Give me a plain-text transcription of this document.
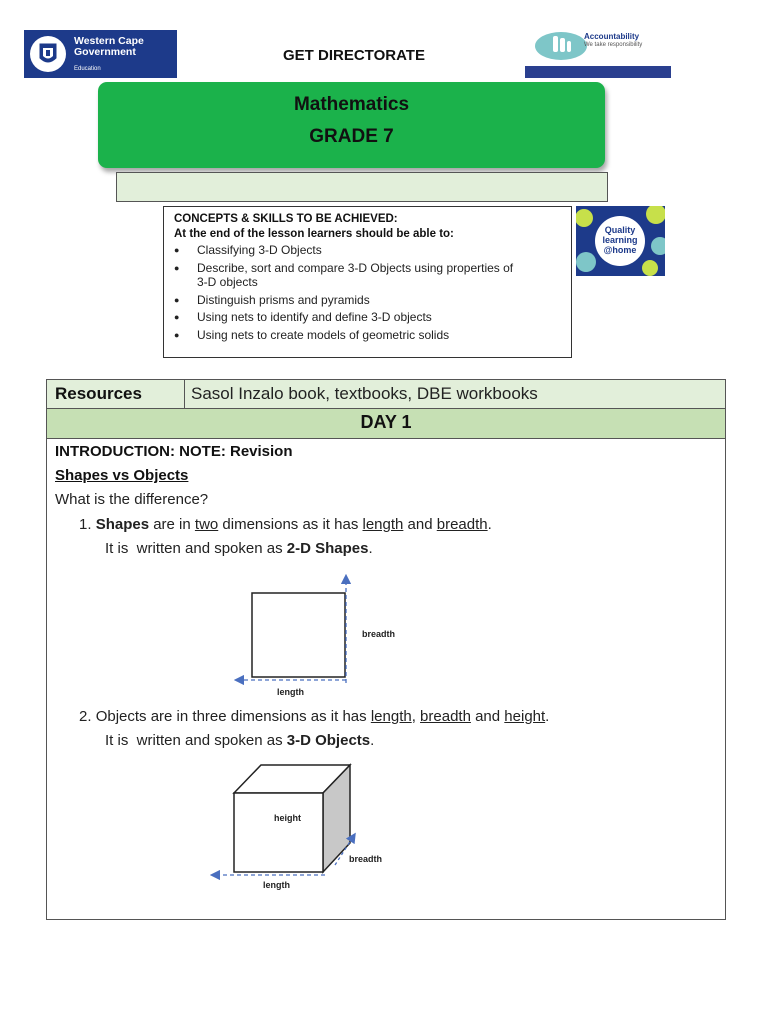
Western Cape
Government
Education
GET DIRECTORATE
Accountability
We take responsibility
Mathematics
GRADE 7
CONCEPTS & SKILLS TO BE ACHIEVED:
At the end of the lesson learners should be able to:
● Classifying 3-D Objects
● Describe, sort and compare 3-D Objects using properties of 3-D objects
● Distinguish prisms and pyramids
● Using nets to identify and define 3-D objects
● Using nets to create models of geometric solids
Quality
learning
@home
Resources	Sasol Inzalo book, textbooks, DBE workbooks
DAY 1
INTRODUCTION: NOTE: Revision
Shapes vs Objects
What is the difference?
1. Shapes are in two dimensions as it has length and breadth.
It is  written and spoken as 2-D Shapes.
breadth
length
2. Objects are in three dimensions as it has length, breadth and height.
It is  written and spoken as 3-D Objects.
height
breadth
length
